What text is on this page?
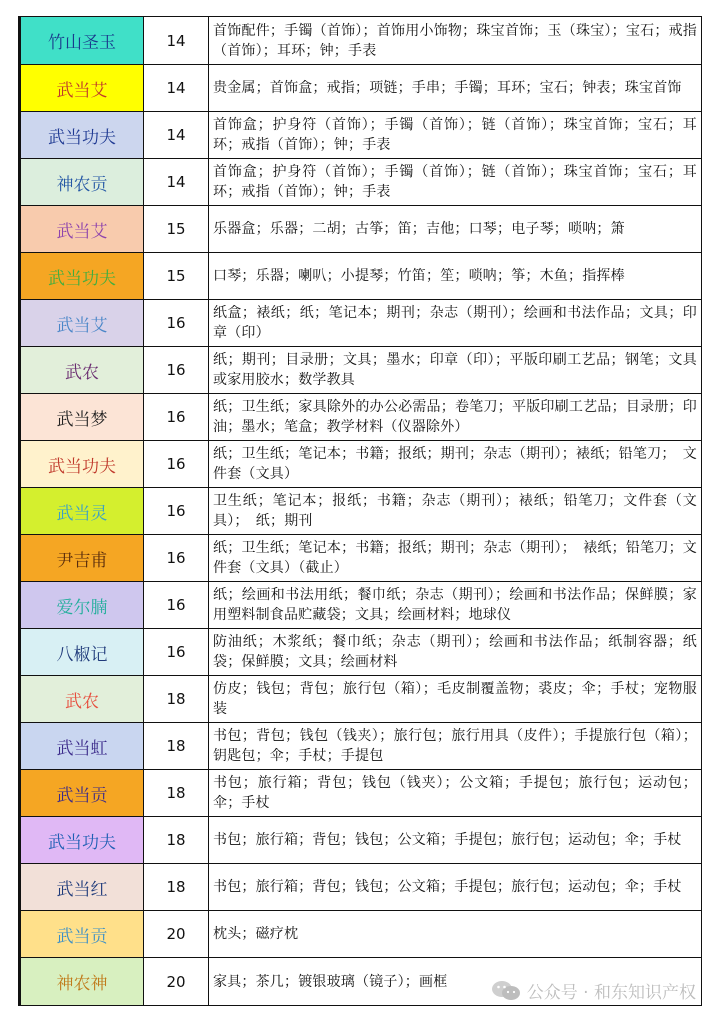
竹山圣玉	14	首饰配件；手镯（首饰）；首饰用小饰物；珠宝首饰；玉（珠宝）；宝石；戒指（首饰）；耳环；钟；手表
武当艾	14	贵金属；首饰盒；戒指；项链；手串；手镯；耳环；宝石；钟表；珠宝首饰
武当功夫	14	首饰盒；护身符（首饰）；手镯（首饰）；链（首饰）；珠宝首饰；宝石；耳环；戒指（首饰）；钟；手表
神农贡	14	首饰盒；护身符（首饰）；手镯（首饰）；链（首饰）；珠宝首饰；宝石；耳环；戒指（首饰）；钟；手表
武当艾	15	乐器盒；乐器；二胡；古筝；笛；吉他；口琴；电子琴；唢呐；箫
武当功夫	15	口琴；乐器；喇叭；小提琴；竹笛；笙；唢呐；筝；木鱼；指挥棒
武当艾	16	纸盒；裱纸；纸；笔记本；期刊；杂志（期刊）；绘画和书法作品；文具；印章（印）
武农	16	纸；期刊；目录册；文具；墨水；印章（印）；平版印刷工艺品；钢笔；文具或家用胶水；数学教具
武当梦	16	纸；卫生纸；家具除外的办公必需品；卷笔刀；平版印刷工艺品；目录册；印油；墨水；笔盒；教学材料（仪器除外）
武当功夫	16	纸；卫生纸；笔记本；书籍；报纸；期刊；杂志（期刊）；裱纸；铅笔刀；　文件套（文具）
武当灵	16	卫生纸；笔记本；报纸；书籍；杂志（期刊）；裱纸；铅笔刀；文件套（文具）；　纸；期刊
尹吉甫	16	纸；卫生纸；笔记本；书籍；报纸；期刊；杂志（期刊）；　裱纸；铅笔刀；文件套（文具）（截止）
爱尔腩	16	纸；绘画和书法用纸；餐巾纸；杂志（期刊）；绘画和书法作品；保鲜膜；家用塑料制食品贮藏袋；文具；绘画材料；地球仪
八椒记	16	防油纸；木浆纸；餐巾纸；杂志（期刊）；绘画和书法作品；纸制容器；纸袋；保鲜膜；文具；绘画材料
武农	18	仿皮；钱包；背包；旅行包（箱）；毛皮制覆盖物；裘皮；伞；手杖；宠物服装
武当虹	18	书包；背包；钱包（钱夹）；旅行包；旅行用具（皮件）；手提旅行包（箱）；钥匙包；伞；手杖；手提包
武当贡	18	书包；旅行箱；背包；钱包（钱夹）；公文箱；手提包；旅行包；运动包；伞；手杖
武当功夫	18	书包；旅行箱；背包；钱包；公文箱；手提包；旅行包；运动包；伞；手杖
武当红	18	书包；旅行箱；背包；钱包；公文箱；手提包；旅行包；运动包；伞；手杖
武当贡	20	枕头；磁疗枕
神农神	20	家具；茶几；镀银玻璃（镜子）；画框
公众号 · 和东知识产权
